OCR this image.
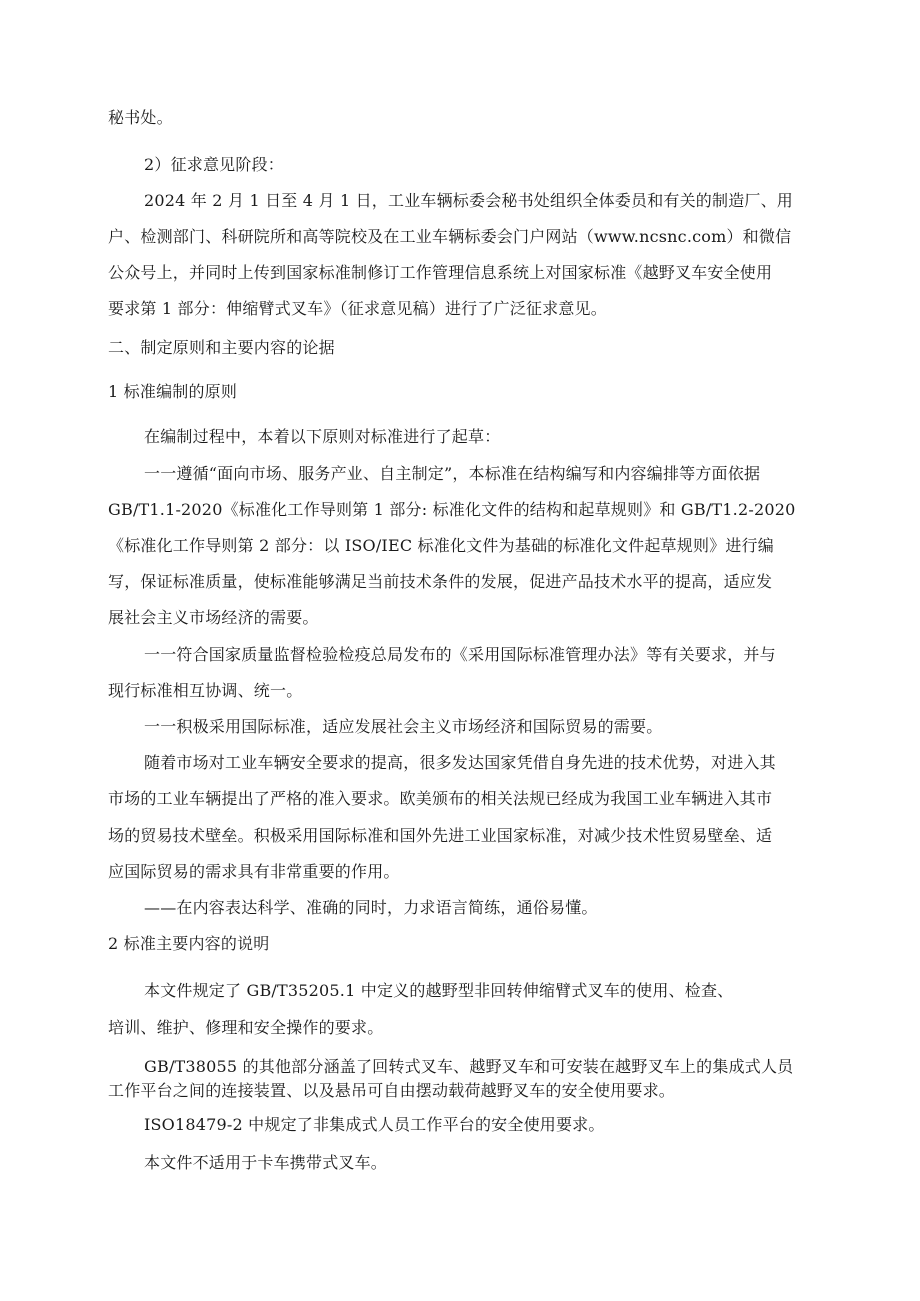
秘书处。
2）征求意见阶段：
2024 年 2 月 1 日至 4 月 1 日，工业车辆标委会秘书处组织全体委员和有关的制造厂、用
户、检测部门、科研院所和高等院校及在工业车辆标委会门户网站（www.ncsnc.com）和微信
公众号上，并同时上传到国家标准制修订工作管理信息系统上对国家标准《越野叉车安全使用
要求第 1 部分：伸缩臂式叉车》（征求意见稿）进行了广泛征求意见。
二、制定原则和主要内容的论据
1 标准编制的原则
在编制过程中，本着以下原则对标准进行了起草：
一一遵循“面向市场、服务产业、自主制定”，本标准在结构编写和内容编排等方面依据
GB/T1.1-2020《标准化工作导则第 1 部分: 标准化文件的结构和起草规则》和 GB/T1.2-2020
《标准化工作导则第 2 部分：以 ISO/IEC 标准化文件为基础的标准化文件起草规则》进行编
写，保证标准质量，使标准能够满足当前技术条件的发展，促进产品技术水平的提高，适应发
展社会主义市场经济的需要。
一一符合国家质量监督检验检疫总局发布的《采用国际标准管理办法》等有关要求，并与
现行标准相互协调、统一。
一一积极采用国际标准，适应发展社会主义市场经济和国际贸易的需要。
随着市场对工业车辆安全要求的提高，很多发达国家凭借自身先进的技术优势，对进入其
市场的工业车辆提出了严格的准入要求。欧美颁布的相关法规已经成为我国工业车辆进入其市
场的贸易技术壁垒。积极采用国际标准和国外先进工业国家标准，对减少技术性贸易壁垒、适
应国际贸易的需求具有非常重要的作用。
——在内容表达科学、准确的同时，力求语言简练，通俗易懂。
2 标准主要内容的说明
本文件规定了 GB/T35205.1 中定义的越野型非回转伸缩臂式叉车的使用、检查、
培训、维护、修理和安全操作的要求。
GB/T38055 的其他部分涵盖了回转式叉车、越野叉车和可安装在越野叉车上的集成式人员
工作平台之间的连接装置、以及悬吊可自由摆动载荷越野叉车的安全使用要求。
ISO18479-2 中规定了非集成式人员工作平台的安全使用要求。
本文件不适用于卡车携带式叉车。
